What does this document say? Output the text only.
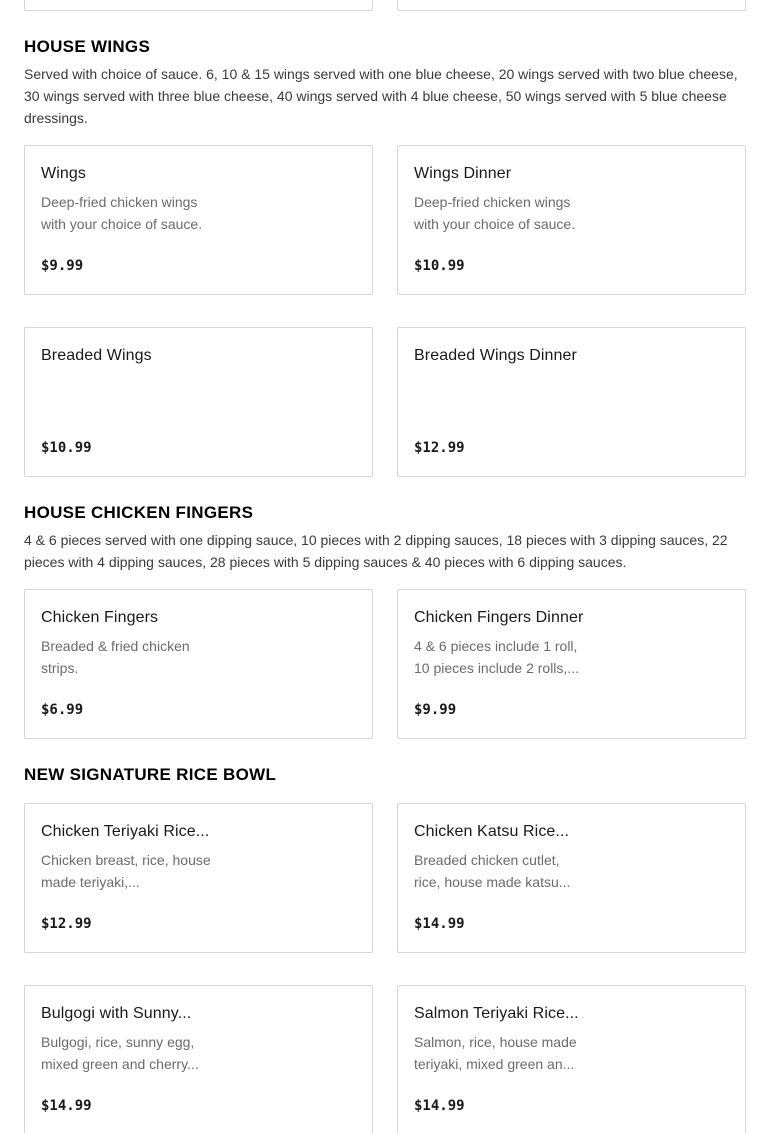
HOUSE WINGS

Served with choice of sauce. 6, 10 & 15 wings served with one blue cheese, 20 wings served with two blue cheese, 30 wings served with three blue cheese, 40 wings served with 4 blue cheese, 50 wings served with 5 blue cheese dressings.

Wings
Deep-fried chicken wings with your choice of sauce.
$9.99
Wings Dinner
Deep-fried chicken wings with your choice of sauce.
$10.99
Breaded Wings
$10.99
Breaded Wings Dinner
$12.99
HOUSE CHICKEN FINGERS

4 & 6 pieces served with one dipping sauce, 10 pieces with 2 dipping sauces, 18 pieces with 3 dipping sauces, 22 pieces with 4 dipping sauces, 28 pieces with 5 dipping sauces & 40 pieces with 6 dipping sauces.

Chicken Fingers
Breaded & fried chicken strips.
$6.99
Chicken Fingers Dinner
4 & 6 pieces include 1 roll, 10 pieces include 2 rolls,...
$9.99
NEW SIGNATURE RICE BOWL
Chicken Teriyaki Rice...
Chicken breast, rice, house made teriyaki,...
$12.99
Chicken Katsu Rice...
Breaded chicken cutlet, rice, house made katsu...
$14.99
Bulgogi with Sunny...
Bulgogi, rice, sunny egg, mixed green and cherry...
$14.99
Salmon Teriyaki Rice...
Salmon, rice, house made teriyaki, mixed green an...
$14.99
